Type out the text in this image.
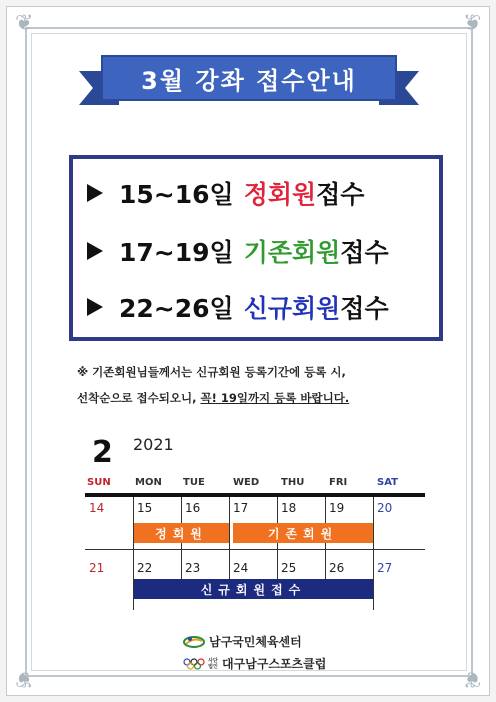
❦	❦
❦	❦
3월 강좌 접수안내
15~16일 정회원 접수
17~19일 기존회원 접수
22~26일 신규회원 접수
※ 기존회원님들께서는 신규회원 등록기간에 등록 시,
선착순으로 접수되오니, 꼭! 19일까지 등록 바랍니다.
2 2021
SUN MON TUE	WED THU FRI	SAT
14	15	16	17	18	19	20
정회원	기존회원
21	22	23	24	25	26	27
신규회원접수
남구국민체육센터
사단법인 대구남구스포츠클럽
